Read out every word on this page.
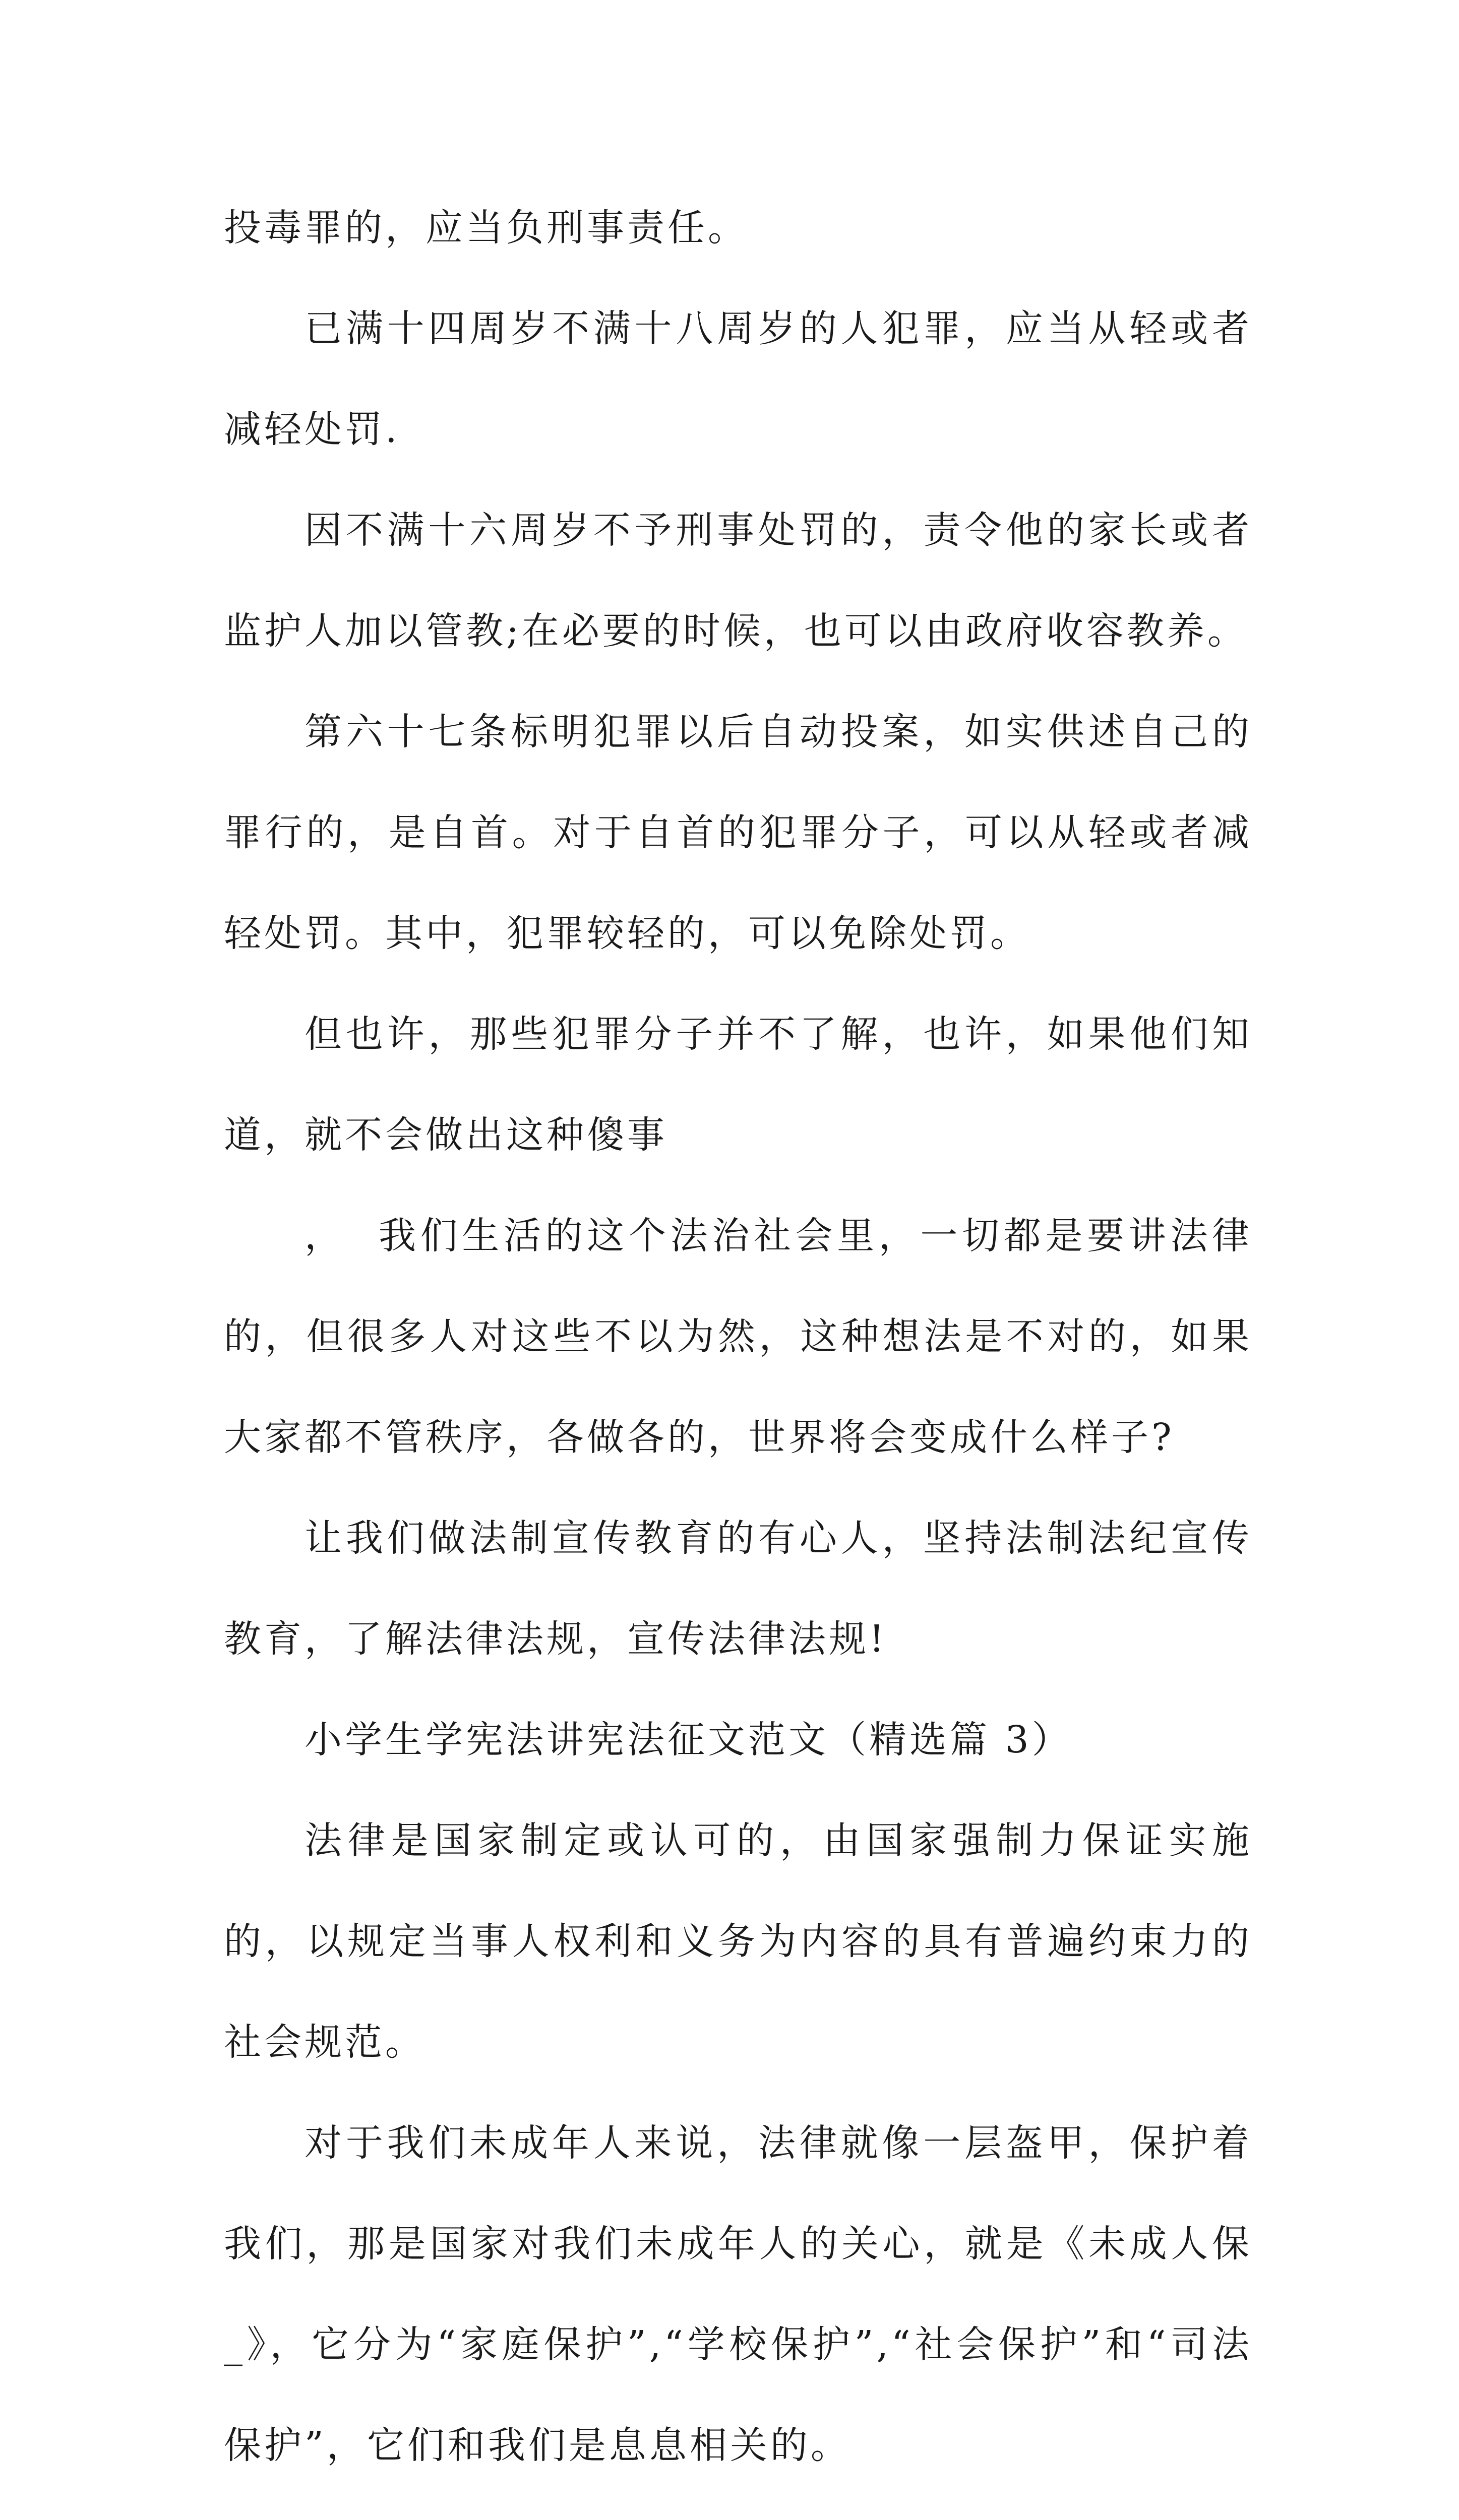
投毒罪的，应当负刑事责任。

已满十四周岁不满十八周岁的人犯罪，应当从轻或者减轻处罚.

因不满十六周岁不予刑事处罚的，责令他的家长或者监护人加以管教;在必要的时候，也可以由政府收容教养。

第六十七条标明犯罪以后自动投案，如实供述自己的罪行的，是自首。对于自首的犯罪分子，可以从轻或者减轻处罚。其中，犯罪较轻的，可以免除处罚。

但也许，那些犯罪分子并不了解，也许，如果他们知道，就不会做出这种傻事

，  我们生活的这个法治社会里，一切都是要讲法律的，但很多人对这些不以为然，这种想法是不对的，如果大家都不管秩序，各做各的，世界将会变成什么样子?

让我们做法制宣传教育的有心人，坚持法制法纪宣传教育，了解法律法规，宣传法律法规!

小学生学宪法讲宪法征文范文（精选篇 3）

法律是国家制定或认可的，由国家强制力保证实施的，以规定当事人权利和义务为内容的具有普遍约束力的社会规范。

对于我们未成年人来说，法律就像一层盔甲，保护着我们，那是国家对我们未成年人的关心，就是《未成人保_》，它分为“家庭保护”,“学校保护”,“社会保护”和“司法保护”，它们和我们是息息相关的。
